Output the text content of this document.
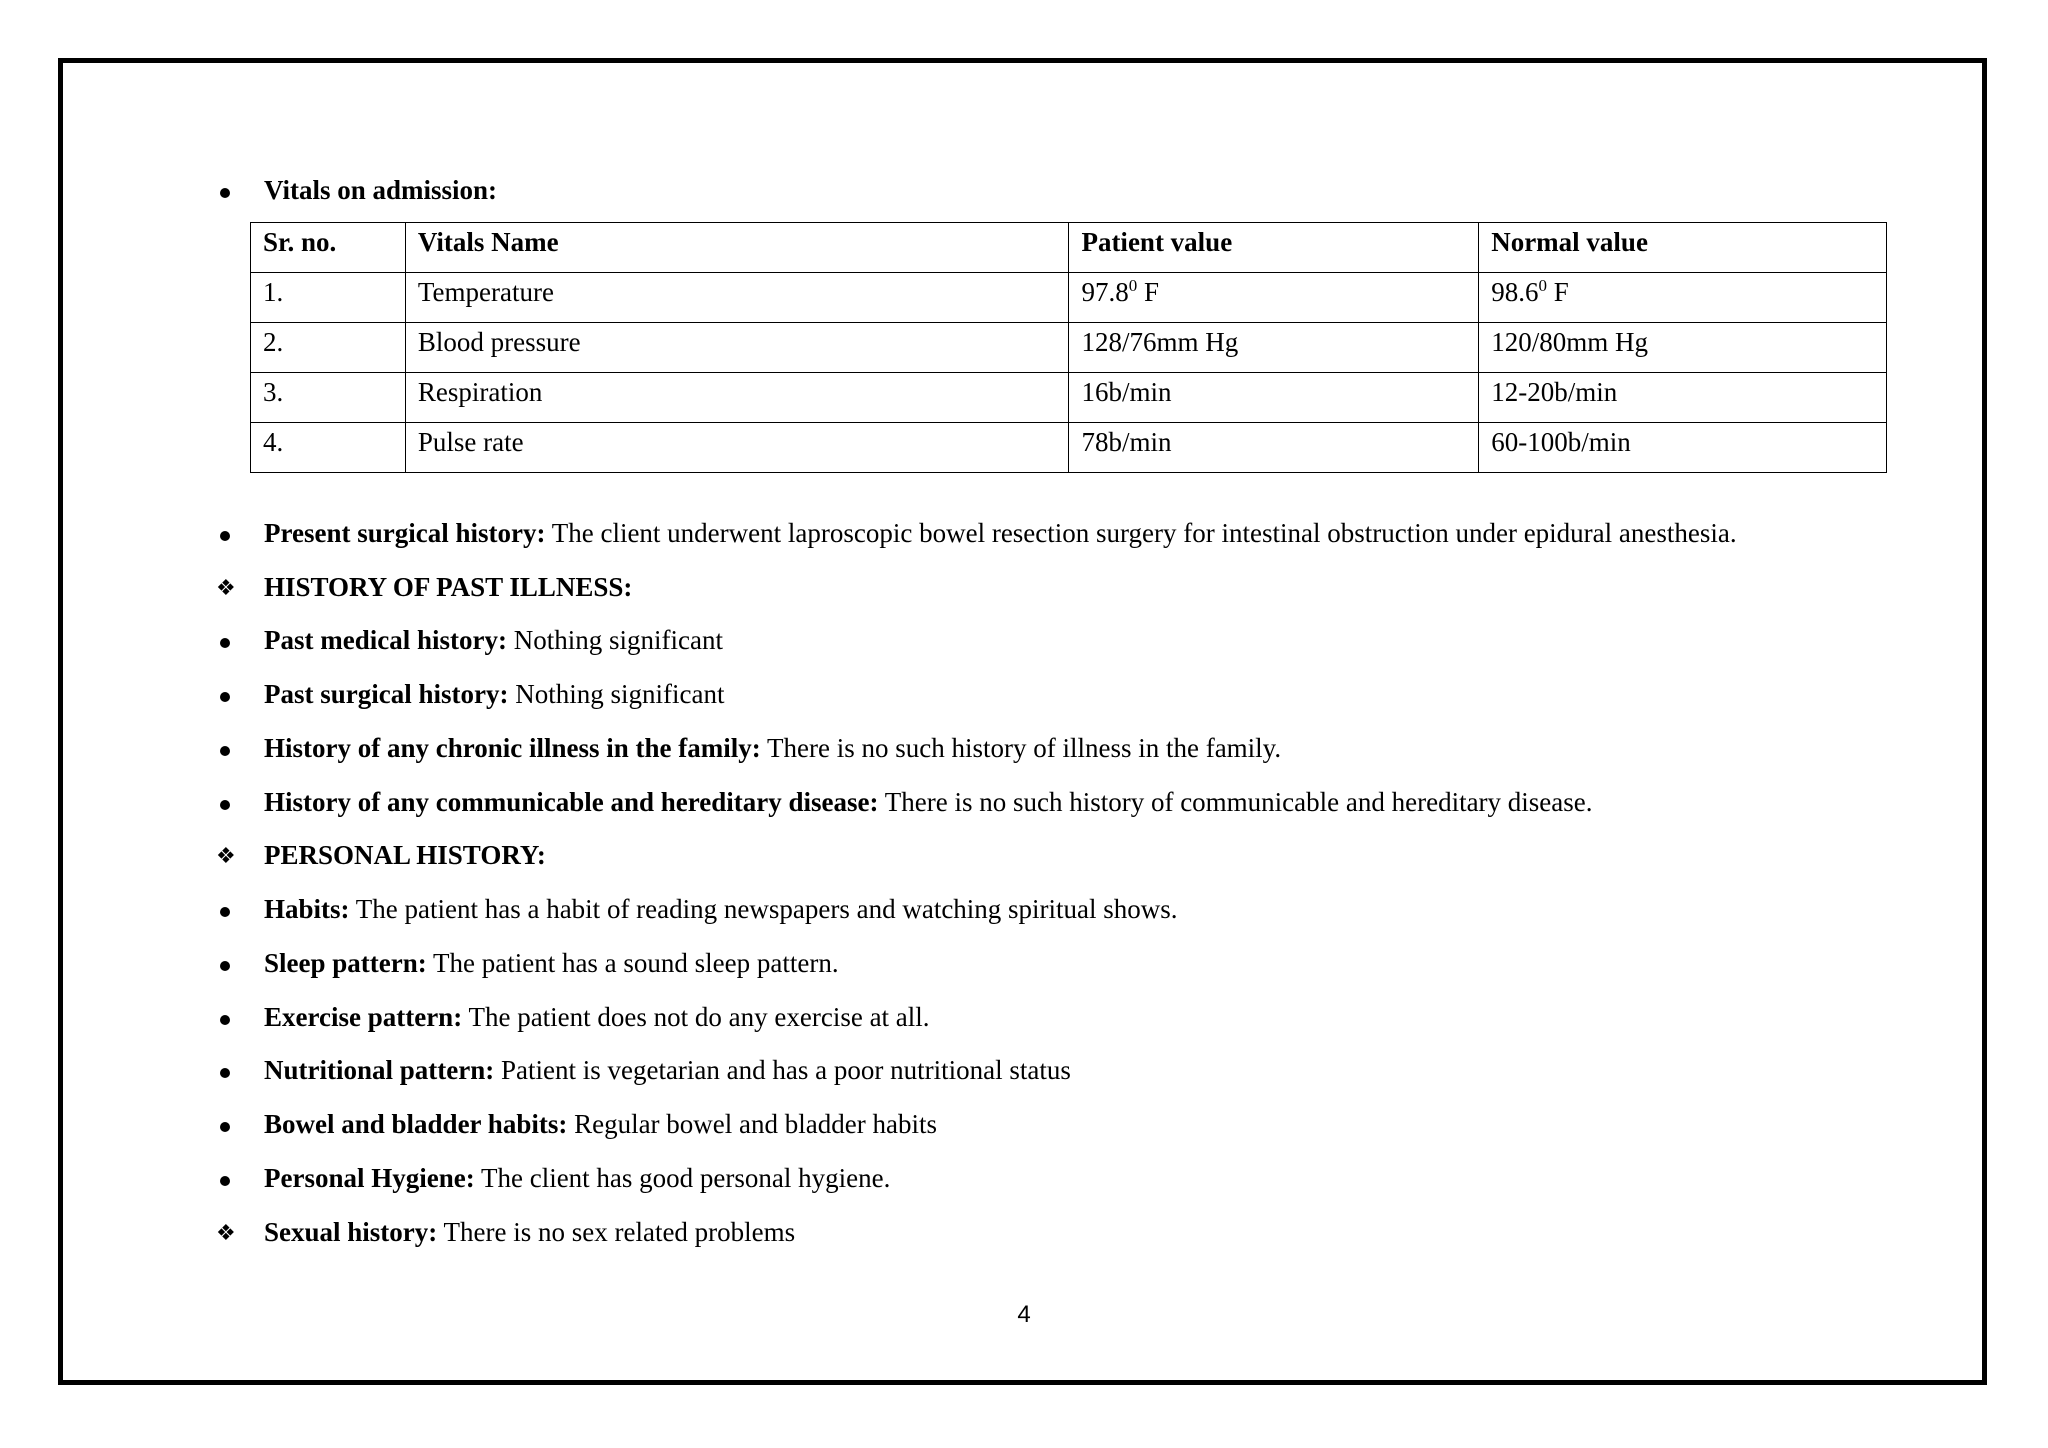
Vitals on admission:
Sr. no.	Vitals Name	Patient value	Normal value
1.	Temperature	97.8$^0$ F	98.6$^0$ F
2.	Blood pressure	128/76mm Hg	120/80mm Hg
3.	Respiration	16b/min	12-20b/min
4.	Pulse rate	78b/min	60-100b/min
Present surgical history: The client underwent laproscopic bowel resection surgery for intestinal obstruction under epidural anesthesia.
❖ HISTORY OF PAST ILLNESS:
Past medical history: Nothing significant
Past surgical history: Nothing significant
History of any chronic illness in the family: There is no such history of illness in the family.
History of any communicable and hereditary disease: There is no such history of communicable and hereditary disease.
❖ PERSONAL HISTORY:
Habits: The patient has a habit of reading newspapers and watching spiritual shows.
Sleep pattern: The patient has a sound sleep pattern.
Exercise pattern: The patient does not do any exercise at all.
Nutritional pattern: Patient is vegetarian and has a poor nutritional status
Bowel and bladder habits: Regular bowel and bladder habits
Personal Hygiene: The client has good personal hygiene.
❖ Sexual history: There is no sex related problems
4
